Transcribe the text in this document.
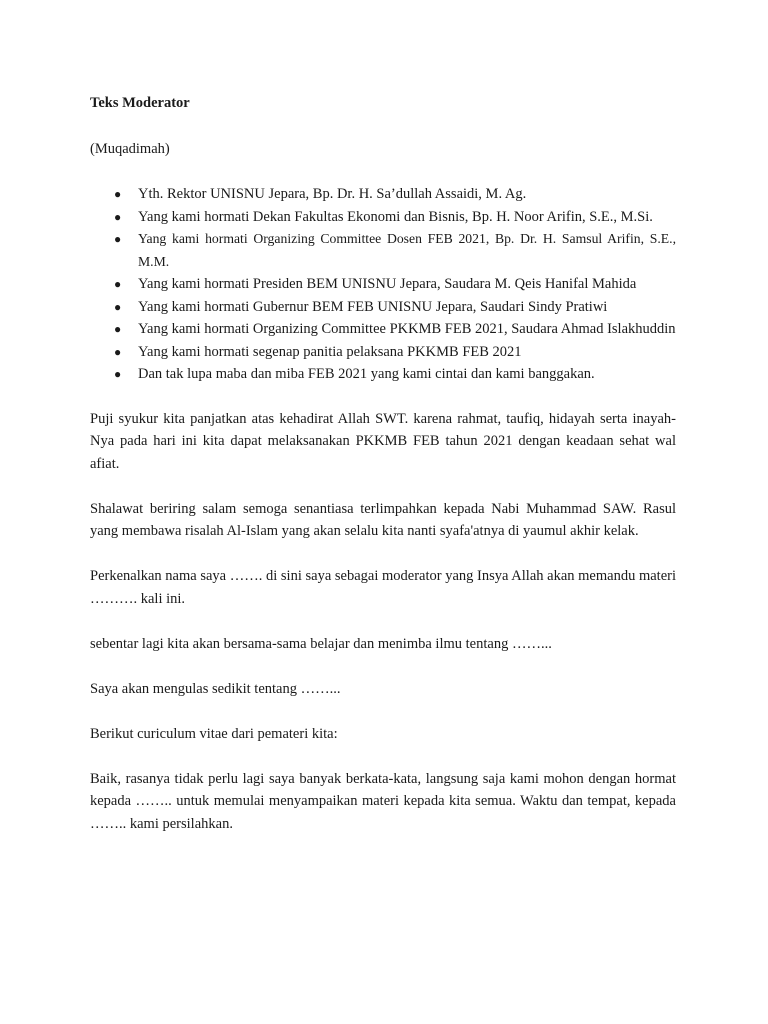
Teks Moderator

(Muqadimah)

● Yth. Rektor UNISNU Jepara, Bp. Dr. H. Sa’dullah Assaidi, M. Ag.
● Yang kami hormati Dekan Fakultas Ekonomi dan Bisnis, Bp. H. Noor Arifin, S.E., M.Si.
● Yang kami hormati Organizing Committee Dosen FEB 2021, Bp. Dr. H. Samsul Arifin, S.E., M.M.
● Yang kami hormati Presiden BEM UNISNU Jepara, Saudara M. Qeis Hanifal Mahida
● Yang kami hormati Gubernur BEM FEB UNISNU Jepara, Saudari Sindy Pratiwi
● Yang kami hormati Organizing Committee PKKMB FEB 2021, Saudara Ahmad Islakhuddin
● Yang kami hormati segenap panitia pelaksana PKKMB FEB 2021
● Dan tak lupa maba dan miba FEB 2021 yang kami cintai dan kami banggakan.

Puji syukur kita panjatkan atas kehadirat Allah SWT. karena rahmat, taufiq, hidayah serta inayah-Nya pada hari ini kita dapat melaksanakan PKKMB FEB tahun 2021 dengan keadaan sehat wal afiat.

Shalawat beriring salam semoga senantiasa terlimpahkan kepada Nabi Muhammad SAW. Rasul yang membawa risalah Al-Islam yang akan selalu kita nanti syafa'atnya di yaumul akhir kelak.

Perkenalkan nama saya ……. di sini saya sebagai moderator yang Insya Allah akan memandu materi ………. kali ini.

sebentar lagi kita akan bersama-sama belajar dan menimba ilmu tentang ……...

Saya akan mengulas sedikit tentang ……...

Berikut curiculum vitae dari pemateri kita:

Baik, rasanya tidak perlu lagi saya banyak berkata-kata, langsung saja kami mohon dengan hormat kepada …….. untuk memulai menyampaikan materi kepada kita semua. Waktu dan tempat, kepada …….. kami persilahkan.
